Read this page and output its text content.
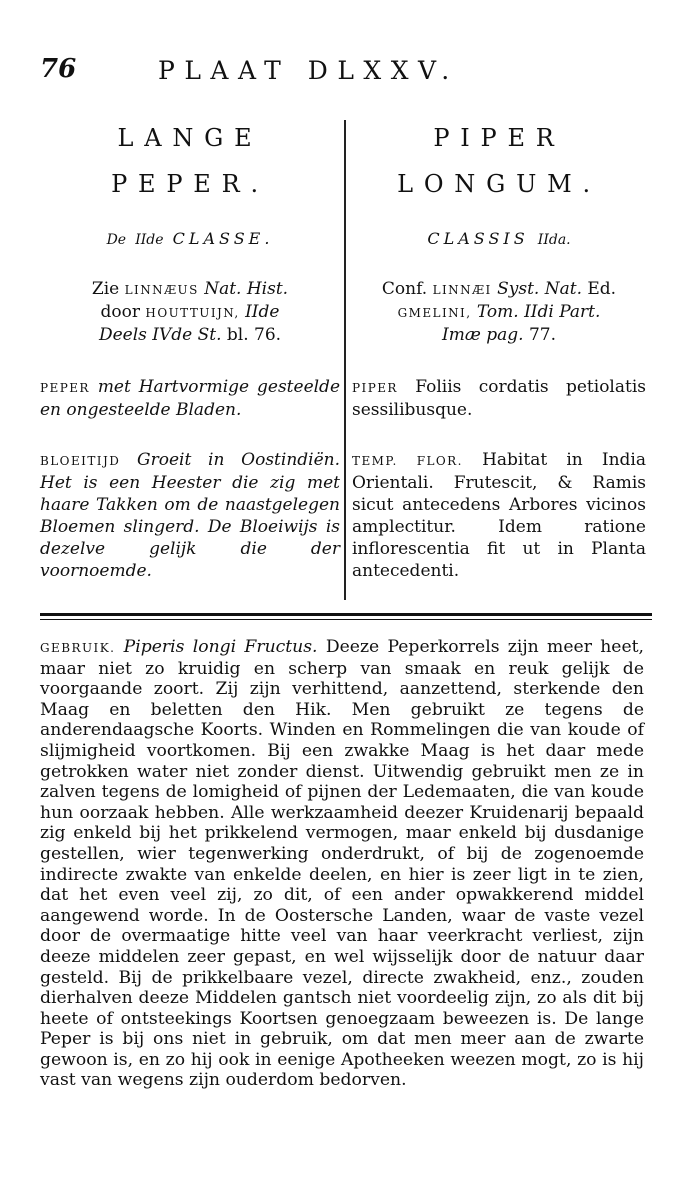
76	PLAAT DLXXV.
LANGE
PEPER.
De IIde CLASSE.
Zie LINNÆUS Nat. Hist.
door HOUTTUIJN, IIde
Deels IVde St. bl. 76.
PEPER met Hartvormige gesteelde en ongesteelde Bladen.
BLOEITIJD Groeit in Oostindiën. Het is een Heester die zig met haare Takken om de naastgelegen Bloemen slingerd. De Bloeiwijs is dezelve gelijk die der voornoemde.
PIPER
LONGUM.
CLASSIS IIda.
Conf. LINNÆI Syst. Nat. Ed.
GMELINI, Tom. IIdi Part.
Imæ pag. 77.
PIPER Foliis cordatis petiolatis sessilibusque.
TEMP. FLOR. Habitat in India Orientali. Frutescit, & Ramis sicut antecedens Arbores vicinos amplectitur. Idem ratione inflorescentia fit ut in Planta antecedenti.
GEBRUIK. Piperis longi Fructus. Deeze Peperkorrels zijn meer heet, maar niet zo kruidig en scherp van smaak en reuk gelijk de voorgaande zoort. Zij zijn verhittend, aanzettend, sterkende den Maag en beletten den Hik. Men gebruikt ze tegens de anderendaagsche Koorts. Winden en Rommelingen die van koude of slijmigheid voortkomen. Bij een zwakke Maag is het daar mede getrokken water niet zonder dienst. Uitwendig gebruikt men ze in zalven tegens de lomigheid of pijnen der Ledemaaten, die van koude hun oorzaak hebben. Alle werkzaamheid deezer Kruidenarij bepaald zig enkeld bij het prikkelend vermogen, maar enkeld bij dusdanige gestellen, wier tegenwerking onderdrukt, of bij de zogenoemde indirecte zwakte van enkelde deelen, en hier is zeer ligt in te zien, dat het even veel zij, zo dit, of een ander opwakkerend middel aangewend worde. In de Oostersche Landen, waar de vaste vezel door de overmaatige hitte veel van haar veerkracht verliest, zijn deeze middelen zeer gepast, en wel wijsselijk door de natuur daar gesteld. Bij de prikkelbaare vezel, directe zwakheid, enz., zouden dierhalven deeze Middelen gantsch niet voordeelig zijn, zo als dit bij heete of ontsteekings Koortsen genoegzaam beweezen is. De lange Peper is bij ons niet in gebruik, om dat men meer aan de zwarte gewoon is, en zo hij ook in eenige Apotheeken weezen mogt, zo is hij vast van wegens zijn ouderdom bedorven.
